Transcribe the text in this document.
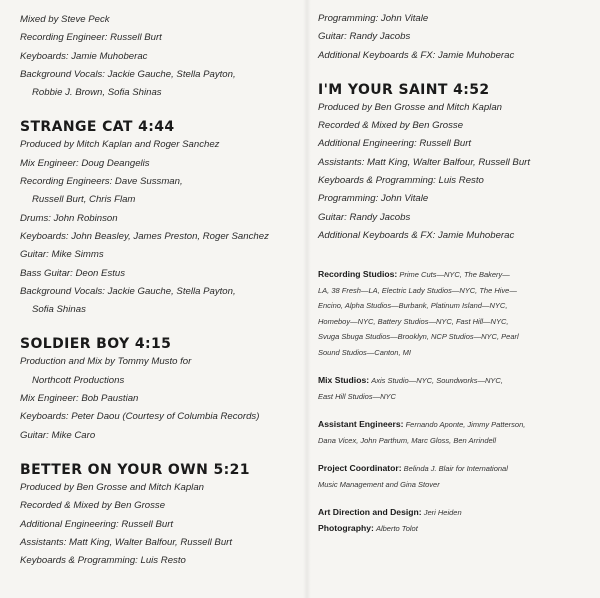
Mixed by Steve Peck
Recording Engineer: Russell Burt
Keyboards: Jamie Muhoberac
Background Vocals: Jackie Gauche, Stella Payton,
Robbie J. Brown, Sofia Shinas
STRANGE CAT 4:44
Produced by Mitch Kaplan and Roger Sanchez
Mix Engineer: Doug Deangelis
Recording Engineers: Dave Sussman,
Russell Burt, Chris Flam
Drums: John Robinson
Keyboards: John Beasley, James Preston, Roger Sanchez
Guitar: Mike Simms
Bass Guitar: Deon Estus
Background Vocals: Jackie Gauche, Stella Payton,
Sofia Shinas
SOLDIER BOY 4:15
Production and Mix by Tommy Musto for
Northcott Productions
Mix Engineer: Bob Paustian
Keyboards: Peter Daou (Courtesy of Columbia Records)
Guitar: Mike Caro
BETTER ON YOUR OWN 5:21
Produced by Ben Grosse and Mitch Kaplan
Recorded & Mixed by Ben Grosse
Additional Engineering: Russell Burt
Assistants: Matt King, Walter Balfour, Russell Burt
Keyboards & Programming: Luis Resto
Programming: John Vitale
Guitar: Randy Jacobs
Additional Keyboards & FX: Jamie Muhoberac
I'M YOUR SAINT 4:52
Produced by Ben Grosse and Mitch Kaplan
Recorded & Mixed by Ben Grosse
Additional Engineering: Russell Burt
Assistants: Matt King, Walter Balfour, Russell Burt
Keyboards & Programming: Luis Resto
Programming: John Vitale
Guitar: Randy Jacobs
Additional Keyboards & FX: Jamie Muhoberac
Recording Studios: Prime Cuts—NYC, The Bakery—
LA, 38 Fresh—LA, Electric Lady Studios—NYC, The Hive—
Encino, Alpha Studios—Burbank, Platinum Island—NYC,
Homeboy—NYC, Battery Studios—NYC, Fast Hill—NYC,
Svuga Sbuga Studios—Brooklyn, NCP Studios—NYC, Pearl
Sound Studios—Canton, MI
Mix Studios: Axis Studio—NYC, Soundworks—NYC,
East Hill Studios—NYC
Assistant Engineers: Fernando Aponte, Jimmy Patterson,
Dana Vicex, John Parthum, Marc Gloss, Ben Arrindell
Project Coordinator: Belinda J. Blair for International
Music Management and Gina Stover
Art Direction and Design: Jeri Heiden
Photography: Alberto Tolot
